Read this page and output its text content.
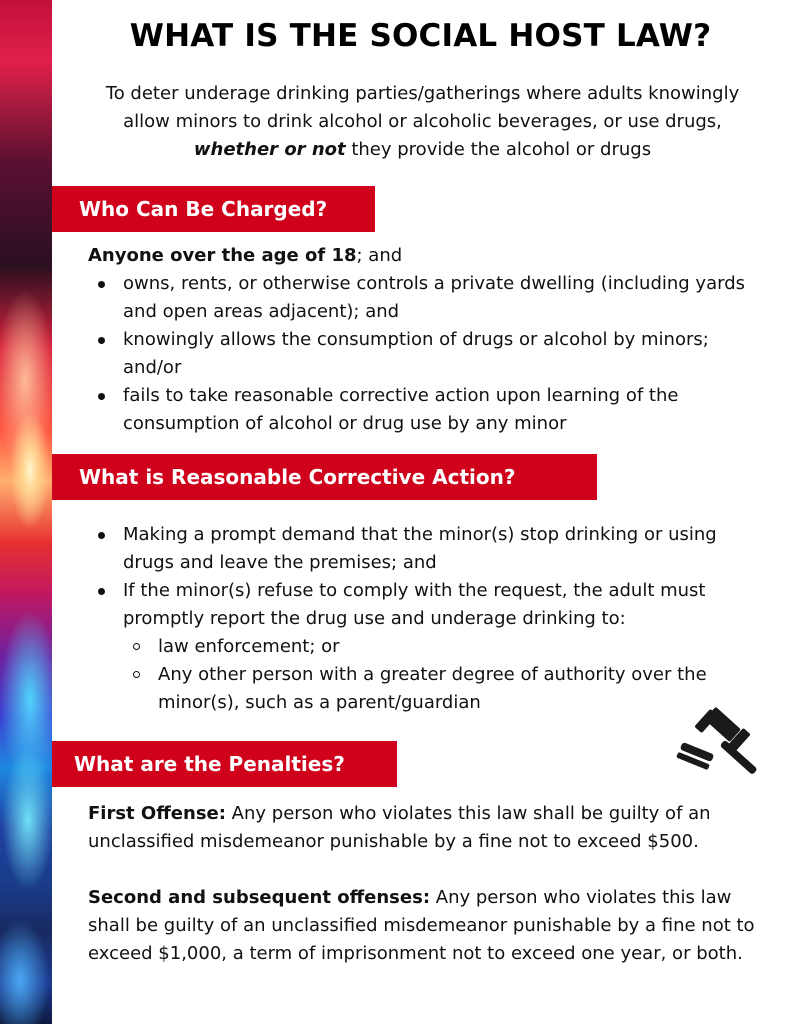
WHAT IS THE SOCIAL HOST LAW?
To deter underage drinking parties/gatherings where adults knowingly allow minors to drink alcohol or alcoholic beverages, or use drugs, whether or not they provide the alcohol or drugs
Who Can Be Charged?

Anyone over the age of 18; and

owns, rents, or otherwise controls a private dwelling (including yards and open areas adjacent); and
knowingly allows the consumption of drugs or alcohol by minors; and/or
fails to take reasonable corrective action upon learning of the consumption of alcohol or drug use by any minor
What is Reasonable Corrective Action?
Making a prompt demand that the minor(s) stop drinking or using drugs and leave the premises; and
If the minor(s) refuse to comply with the request, the adult must promptly report the drug use and underage drinking to:
law enforcement; or
Any other person with a greater degree of authority over the minor(s), such as a parent/guardian
What are the Penalties?

First Offense: Any person who violates this law shall be guilty of an unclassified misdemeanor punishable by a fine not to exceed $500.

Second and subsequent offenses: Any person who violates this law shall be guilty of an unclassified misdemeanor punishable by a fine not to exceed $1,000, a term of imprisonment not to exceed one year, or both.
